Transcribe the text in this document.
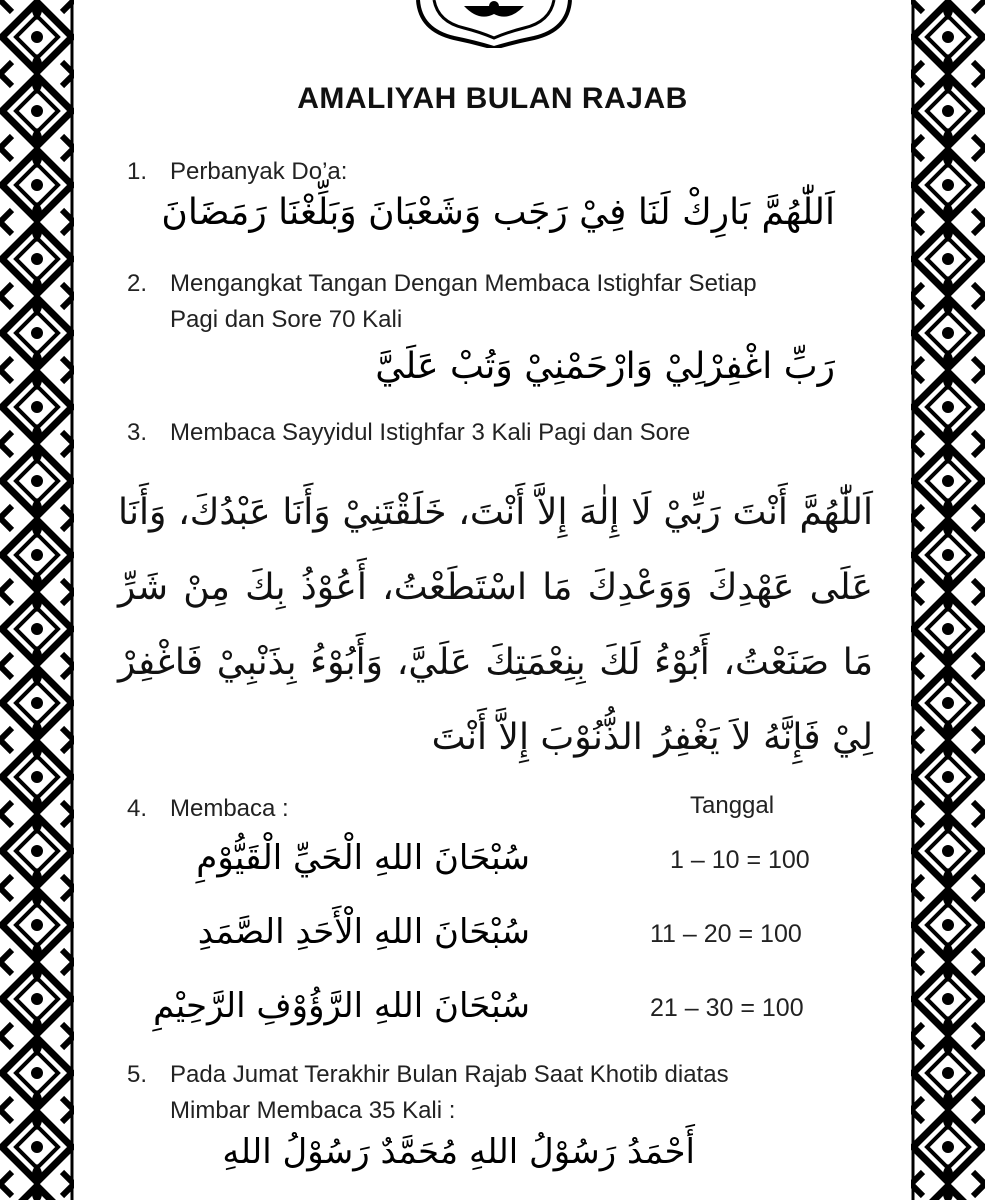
AMALIYAH BULAN RAJAB
1. Perbanyak Do’a:
اَللّٰهُمَّ بَارِكْ لَنَا فِيْ رَجَب وَشَعْبَانَ وَبَلِّغْنَا رَمَضَانَ
2. Mengangkat Tangan Dengan Membaca Istighfar Setiap
Pagi dan Sore 70 Kali
رَبِّ اغْفِرْلِيْ وَارْحَمْنِيْ وَتُبْ عَلَيَّ
3. Membaca Sayyidul Istighfar 3 Kali Pagi dan Sore
اَللّٰهُمَّ أَنْتَ رَبِّيْ لَا إِلٰهَ إِلاَّ أَنْتَ، خَلَقْتَنِيْ وَأَنَا عَبْدُكَ، وَأَنَا عَلَى عَهْدِكَ وَوَعْدِكَ مَا اسْتَطَعْتُ، أَعُوْذُ بِكَ مِنْ شَرِّ مَا صَنَعْتُ، أَبُوْءُ لَكَ بِنِعْمَتِكَ عَلَيَّ، وَأَبُوْءُ بِذَنْبِيْ فَاغْفِرْ لِيْ فَإِنَّهُ لاَ يَغْفِرُ الذُّنُوْبَ إِلاَّ أَنْتَ
4. Membaca :	Tanggal
سُبْحَانَ اللهِ الْحَيِّ الْقَيُّوْمِ	1 – 10 = 100
سُبْحَانَ اللهِ الْأَحَدِ الصَّمَدِ	11 – 20 = 100
سُبْحَانَ اللهِ الرَّؤُوْفِ الرَّحِيْمِ	21 – 30 = 100
5. Pada Jumat Terakhir Bulan Rajab Saat Khotib diatas
Mimbar Membaca 35 Kali :
أَحْمَدُ رَسُوْلُ اللهِ مُحَمَّدٌ رَسُوْلُ اللهِ
